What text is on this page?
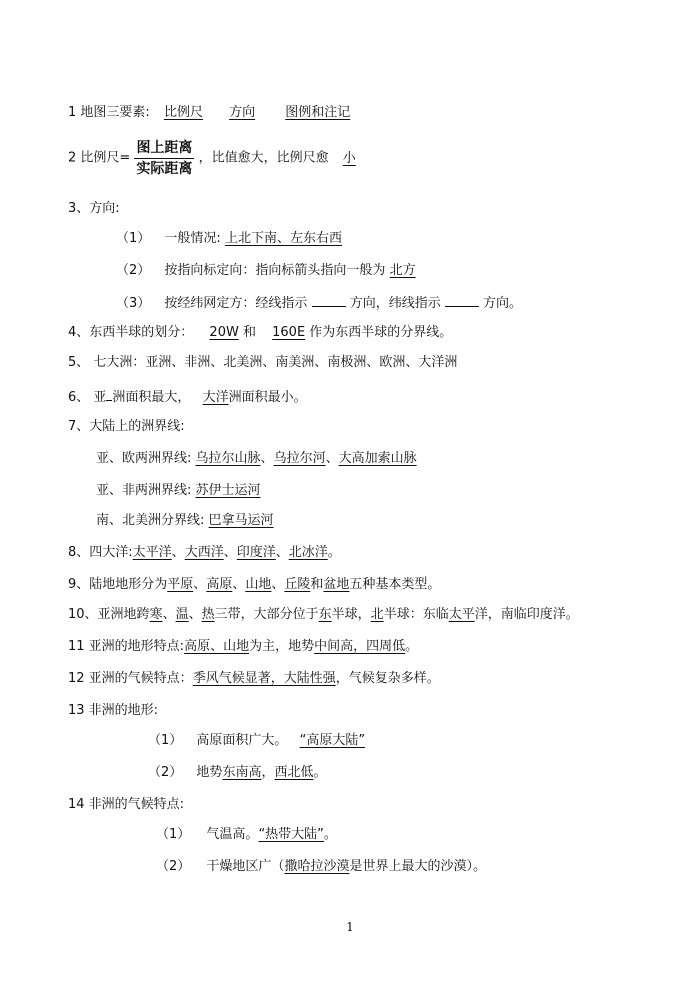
1 地图三要素: 比例尺 方向 图例和注记
2 比例尺= $\frac{\text{图上距离}}{\text{实际距离}}$ ，比值愈大，比例尺愈 小
3、方向:
（1） 一般情况: 上北下南、左东右西
（2） 按指向标定向：指向标箭头指向一般为 北方
（3） 按经纬网定方：经线指示	方向，纬线指示	方向。
4、东西半球的划分： 20W 和 160E 作为东西半球的分界线。
5、 七大洲：亚洲、非洲、北美洲、南美洲、南极洲、欧洲、大洋洲
6、 亚 洲面积最大， 大洋洲面积最小。
7、大陆上的洲界线:
亚、欧两洲界线: 乌拉尔山脉、乌拉尔河、大高加索山脉
亚、非两洲界线: 苏伊士运河
南、北美洲分界线: 巴拿马运河
8、四大洋:太平洋、大西洋、印度洋、北冰洋。
9、陆地地形分为平原、高原、山地、丘陵和盆地五种基本类型。
10、亚洲地跨寒、温、热三带，大部分位于东半球，北半球：东临太平洋，南临印度洋。
11 亚洲的地形特点:高原、山地为主，地势中间高，四周低。
12 亚洲的气候特点：季风气候显著，大陆性强，气候复杂多样。
13 非洲的地形:
（1） 高原面积广大。 “高原大陆”
（2） 地势东南高，西北低。
14 非洲的气候特点:
（1） 气温高。“热带大陆”。
（2） 干燥地区广（撒哈拉沙漠是世界上最大的沙漠）。
1
